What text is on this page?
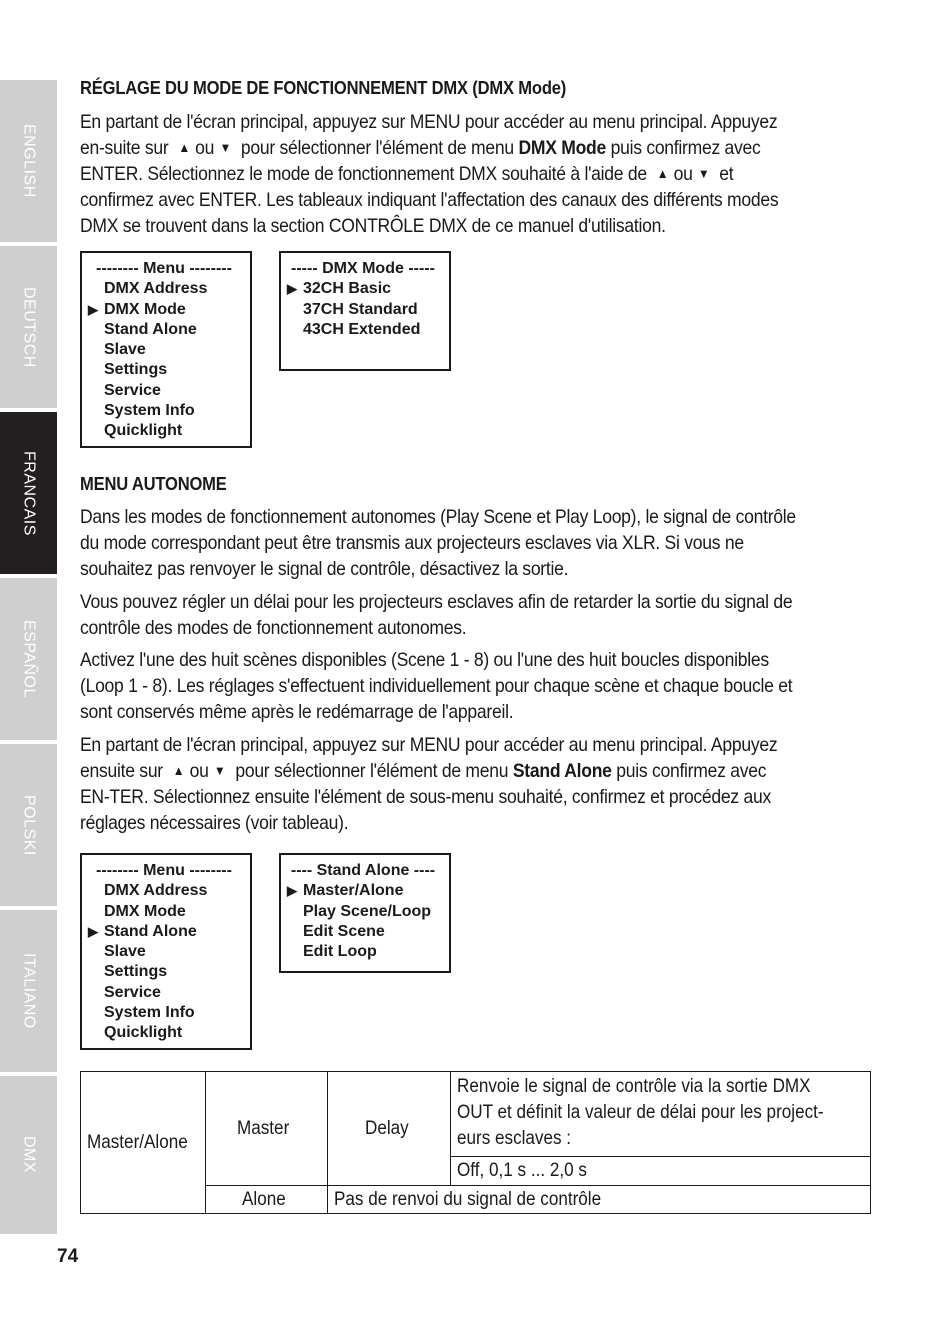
ENGLISH
DEUTSCH
FRANCAIS
ESPAÑOL
POLSKI
ITALIANO
DMX
RÉGLAGE DU MODE DE FONCTIONNEMENT DMX (DMX Mode)

En partant de l'écran principal, appuyez sur MENU pour accéder au menu principal. Appuyez en-suite sur ▲ ou ▼ pour sélectionner l'élément de menu DMX Mode puis confirmez avec ENTER. Sélectionnez le mode de fonctionnement DMX souhaité à l'aide de ▲ ou ▼ et confirmez avec ENTER. Les tableaux indiquant l'affectation des canaux des différents modes DMX se trouvent dans la section CONTRÔLE DMX de ce manuel d'utilisation.

-------- Menu --------
DMX Address
▶ DMX Mode
Stand Alone
Slave
Settings
Service
System Info
Quicklight
----- DMX Mode -----
▶ 32CH Basic
37CH Standard
43CH Extended
MENU AUTONOME

Dans les modes de fonctionnement autonomes (Play Scene et Play Loop), le signal de contrôle du mode correspondant peut être transmis aux projecteurs esclaves via XLR. Si vous ne souhaitez pas renvoyer le signal de contrôle, désactivez la sortie.

Vous pouvez régler un délai pour les projecteurs esclaves afin de retarder la sortie du signal de contrôle des modes de fonctionnement autonomes.

Activez l'une des huit scènes disponibles (Scene 1 - 8) ou l'une des huit boucles disponibles (Loop 1 - 8). Les réglages s'effectuent individuellement pour chaque scène et chaque boucle et sont conservés même après le redémarrage de l'appareil.

En partant de l'écran principal, appuyez sur MENU pour accéder au menu principal. Appuyez ensuite sur ▲ ou ▼ pour sélectionner l'élément de menu Stand Alone puis confirmez avec EN-TER. Sélectionnez ensuite l'élément de sous-menu souhaité, confirmez et procédez aux réglages nécessaires (voir tableau).

-------- Menu --------
DMX Address
DMX Mode
▶ Stand Alone
Slave
Settings
Service
System Info
Quicklight
---- Stand Alone ----
▶ Master/Alone
Play Scene/Loop
Edit Scene
Edit Loop
Master/Alone	Master	Delay	Renvoie le signal de contrôle via la sortie DMX
OUT et définit la valeur de délai pour les project-
eurs esclaves :
Off, 0,1 s ... 2,0 s

	Alone	Pas de renvoi du signal de contrôle	
74
